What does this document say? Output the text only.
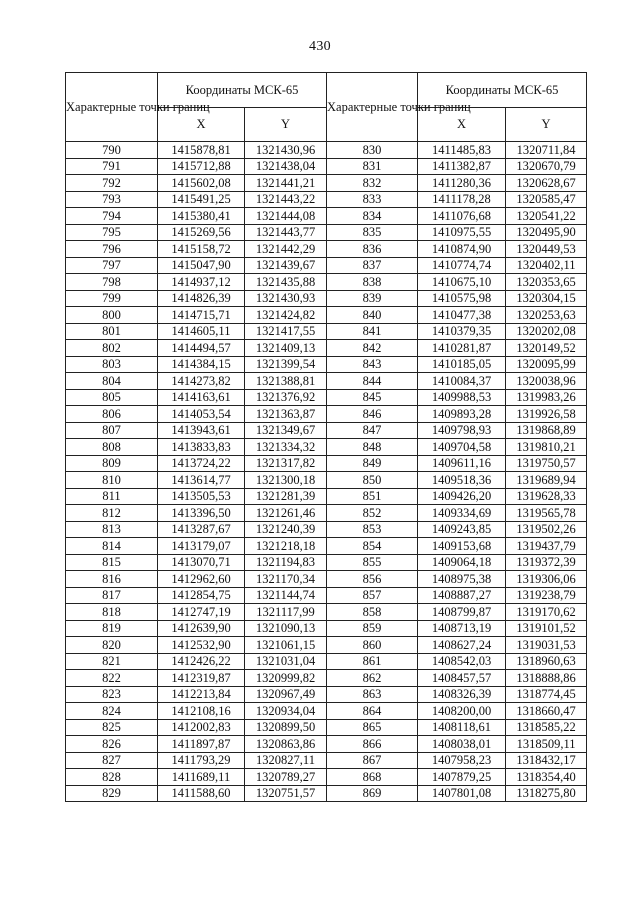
430
Характерные точки границ	Координаты МСК-65		Характерные точки границ	Координаты МСК-65	
	X	Y		X	Y
790	1415878,81	1321430,96	830	1411485,83	1320711,84
791	1415712,88	1321438,04	831	1411382,87	1320670,79
792	1415602,08	1321441,21	832	1411280,36	1320628,67
793	1415491,25	1321443,22	833	1411178,28	1320585,47
794	1415380,41	1321444,08	834	1411076,68	1320541,22
795	1415269,56	1321443,77	835	1410975,55	1320495,90
796	1415158,72	1321442,29	836	1410874,90	1320449,53
797	1415047,90	1321439,67	837	1410774,74	1320402,11
798	1414937,12	1321435,88	838	1410675,10	1320353,65
799	1414826,39	1321430,93	839	1410575,98	1320304,15
800	1414715,71	1321424,82	840	1410477,38	1320253,63
801	1414605,11	1321417,55	841	1410379,35	1320202,08
802	1414494,57	1321409,13	842	1410281,87	1320149,52
803	1414384,15	1321399,54	843	1410185,05	1320095,99
804	1414273,82	1321388,81	844	1410084,37	1320038,96
805	1414163,61	1321376,92	845	1409988,53	1319983,26
806	1414053,54	1321363,87	846	1409893,28	1319926,58
807	1413943,61	1321349,67	847	1409798,93	1319868,89
808	1413833,83	1321334,32	848	1409704,58	1319810,21
809	1413724,22	1321317,82	849	1409611,16	1319750,57
810	1413614,77	1321300,18	850	1409518,36	1319689,94
811	1413505,53	1321281,39	851	1409426,20	1319628,33
812	1413396,50	1321261,46	852	1409334,69	1319565,78
813	1413287,67	1321240,39	853	1409243,85	1319502,26
814	1413179,07	1321218,18	854	1409153,68	1319437,79
815	1413070,71	1321194,83	855	1409064,18	1319372,39
816	1412962,60	1321170,34	856	1408975,38	1319306,06
817	1412854,75	1321144,74	857	1408887,27	1319238,79
818	1412747,19	1321117,99	858	1408799,87	1319170,62
819	1412639,90	1321090,13	859	1408713,19	1319101,52
820	1412532,90	1321061,15	860	1408627,24	1319031,53
821	1412426,22	1321031,04	861	1408542,03	1318960,63
822	1412319,87	1320999,82	862	1408457,57	1318888,86
823	1412213,84	1320967,49	863	1408326,39	1318774,45
824	1412108,16	1320934,04	864	1408200,00	1318660,47
825	1412002,83	1320899,50	865	1408118,61	1318585,22
826	1411897,87	1320863,86	866	1408038,01	1318509,11
827	1411793,29	1320827,11	867	1407958,23	1318432,17
828	1411689,11	1320789,27	868	1407879,25	1318354,40
829	1411588,60	1320751,57	869	1407801,08	1318275,80
